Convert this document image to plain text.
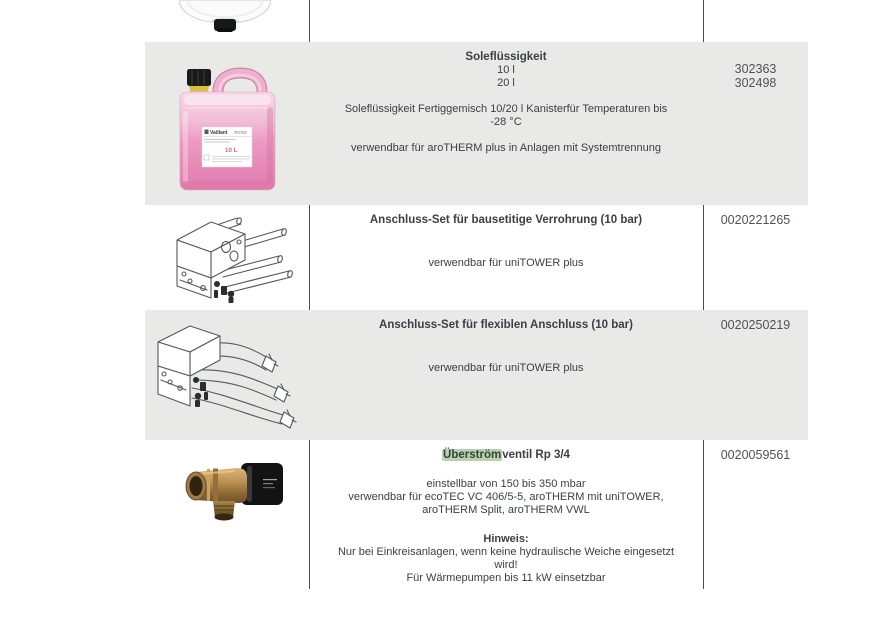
Vaillant 302363
10 L
Soleflüssigkeit
10 l
20 l
Soleflüssigkeit Fertiggemisch 10/20 l Kanisterfür Temperaturen bis
-28 °C
verwendbar für aroTHERM plus in Anlagen mit Systemtrennung
302363
302498
Anschluss-Set für bausetitige Verrohrung (10 bar)
verwendbar für uniTOWER plus
0020221265
Anschluss-Set für flexiblen Anschluss (10 bar)
verwendbar für uniTOWER plus
0020250219
Überströmventil Rp 3/4
einstellbar von 150 bis 350 mbar
verwendbar für ecoTEC VC 406/5-5, aroTHERM mit uniTOWER,
aroTHERM Split, aroTHERM VWL
Hinweis:
Nur bei Einkreisanlagen, wenn keine hydraulische Weiche eingesetzt
wird!
Für Wärmepumpen bis 11 kW einsetzbar
0020059561
